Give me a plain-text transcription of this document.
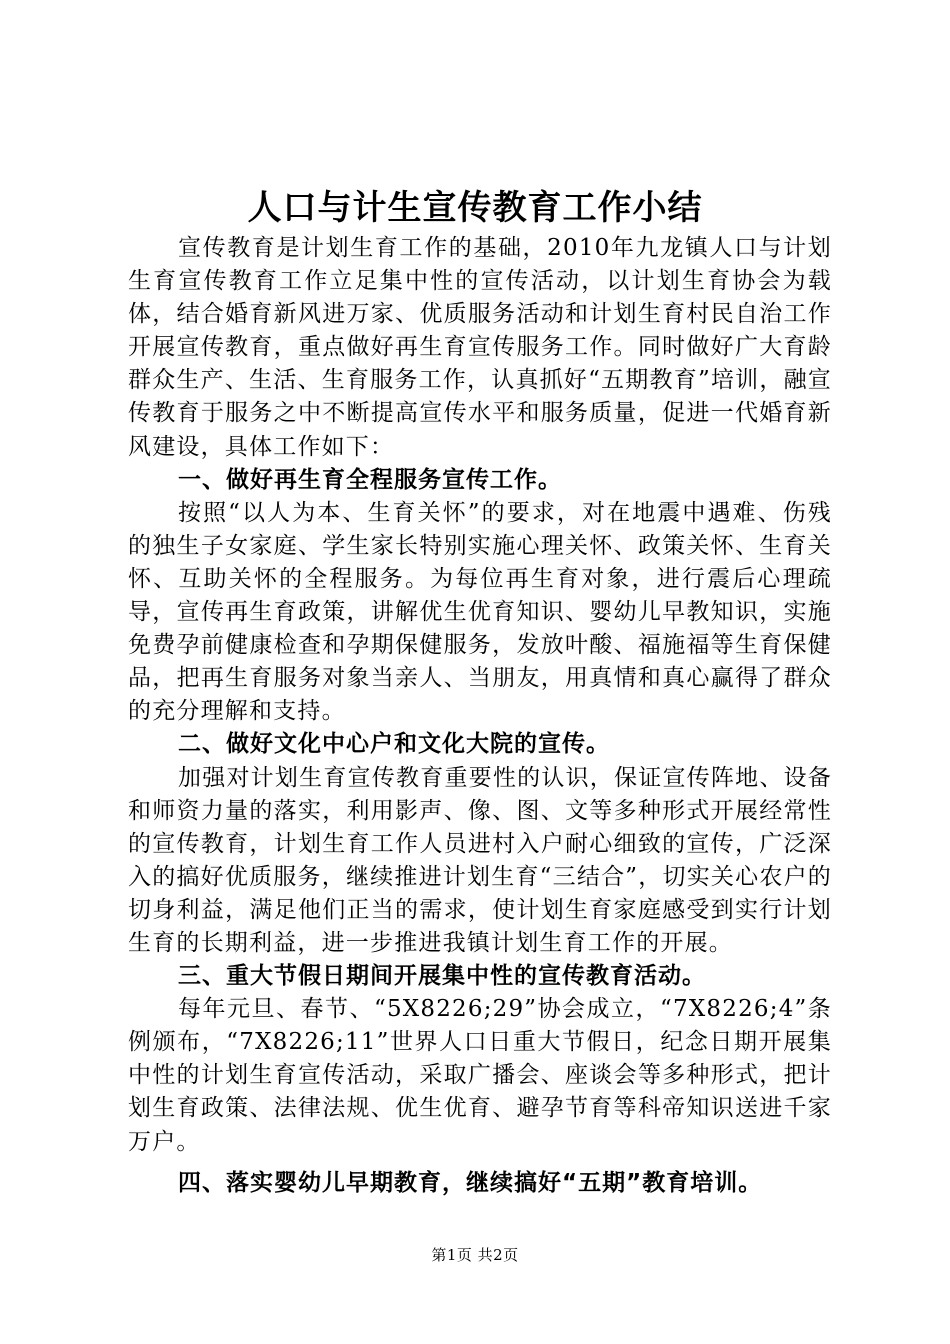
人口与计生宣传教育工作小结

宣传教育是计划生育工作的基础，2010年九龙镇人口与计划生育宣传教育工作立足集中性的宣传活动，以计划生育协会为载体，结合婚育新风进万家、优质服务活动和计划生育村民自治工作开展宣传教育，重点做好再生育宣传服务工作。同时做好广大育龄群众生产、生活、生育服务工作，认真抓好“五期教育”培训，融宣传教育于服务之中不断提高宣传水平和服务质量，促进一代婚育新风建设，具体工作如下：

一、做好再生育全程服务宣传工作。

按照“以人为本、生育关怀”的要求，对在地震中遇难、伤残的独生子女家庭、学生家长特别实施心理关怀、政策关怀、生育关怀、互助关怀的全程服务。为每位再生育对象，进行震后心理疏导，宣传再生育政策，讲解优生优育知识、婴幼儿早教知识，实施免费孕前健康检查和孕期保健服务，发放叶酸、福施福等生育保健品，把再生育服务对象当亲人、当朋友，用真情和真心赢得了群众的充分理解和支持。

二、做好文化中心户和文化大院的宣传。

加强对计划生育宣传教育重要性的认识，保证宣传阵地、设备和师资力量的落实，利用影声、像、图、文等多种形式开展经常性的宣传教育，计划生育工作人员进村入户耐心细致的宣传，广泛深入的搞好优质服务，继续推进计划生育“三结合”，切实关心农户的切身利益，满足他们正当的需求，使计划生育家庭感受到实行计划生育的长期利益，进一步推进我镇计划生育工作的开展。

三、重大节假日期间开展集中性的宣传教育活动。

每年元旦、春节、“5X8226;29”协会成立，“7X8226;4”条例颁布，“7X8226;11”世界人口日重大节假日，纪念日期开展集中性的计划生育宣传活动，采取广播会、座谈会等多种形式，把计划生育政策、法律法规、优生优育、避孕节育等科帝知识送进千家万户。

四、落实婴幼儿早期教育，继续搞好“五期”教育培训。

第1页 共2页
